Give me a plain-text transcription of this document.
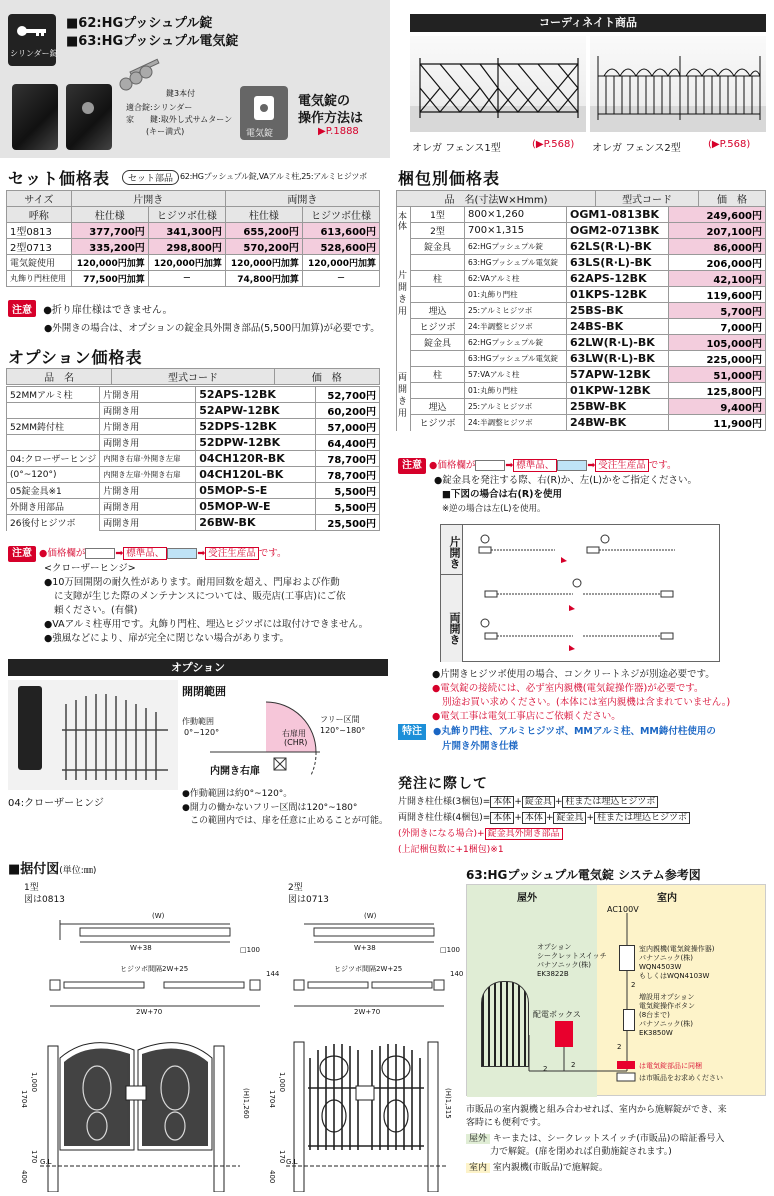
シリンダー錠
■62:HGプッシュプル錠
■63:HGプッシュプル電気錠
鍵3本付
適合錠:シリンダー
家　　鍵:取外し式サムターン
(キー満式)	電気錠
電気錠の
操作方法は
▶P.1888
コーディネイト商品
オレガ フェンス1型	(▶P.568) オレガ フェンス2型	(▶P.568)
セット価格表	セット部品 62:HGプッシュプル錠,VAアルミ柱,25:アルミヒジツボ
サイズ	片開き		両開き	
呼称	柱仕様	ヒジツボ仕様	柱仕様	ヒジツボ仕様
1型0813	377,700円	341,300円	655,200円	613,600円
2型0713	335,200円	298,800円	570,200円	528,600円
電気錠使用	120,000円加算	120,000円加算	120,000円加算	120,000円加算
丸飾り門柱使用	77,500円加算	─	74,800円加算	─
注意 ●折り扉仕様はできません。
●外開きの場合は、オプションの錠金具外開き部品(5,500円加算)が必要です。
オプション価格表
品　名	型式コード	価　格
52MMアルミ柱	片開き用	52APS-12BK	52,700円
	両開き用	52APW-12BK	60,200円
52MM鋳付柱	片開き用	52DPS-12BK	57,000円
	両開き用	52DPW-12BK	64,400円
04:クローザーヒンジ	内開き右扉·外開き左扉	04CH120R-BK	78,700円
(0°~120°)	内開き左扉·外開き右扉	04CH120L-BK	78,700円
05錠金具※1	片開き用	05MOP-S-E	5,500円
外開き用部品	両開き用	05MOP-W-E	5,500円
26後付ヒジツボ	両開き用	26BW-BK	25,500円
注意 ●価格欄が	➡ 標準品、	➡ 受注生産品 です。
<クローザーヒンジ>
●10万回開閉の耐久性があります。耐用回数を超え、門扉および作動
に支障が生じた際のメンテナンスについては、販売店(工事店)にご依
頼ください。(有償)
●VAアルミ柱専用です。丸飾り門柱、埋込ヒジツボには取付けできません。
●強風などにより、扉が完全に閉じない場合があります。
オプション
04:クローザーヒンジ
開閉範囲
作動範囲
0°~120°
フリー区間
120°~180°
右扉用
(CHR)
内開き右扉
●作動範囲は約0°~120°。
●開力の働かないフリー区間は120°~180°
この範囲内では、扉を任意に止めることが可能。
梱包別価格表
品　名(寸法W×Hmm)	型式コード	価　格
	1型	800×1,260	OGM1-0813BK	249,600円
	2型	700×1,315	OGM2-0713BK	207,100円
	錠金具	62:HGプッシュプル錠	62LS(R·L)-BK	86,000円
		63:HGプッシュプル電気錠	63LS(R·L)-BK	206,000円
	柱	62:VAアルミ柱	62APS-12BK	42,100円
		01:丸飾り門柱	01KPS-12BK	119,600円
	埋込	25:アルミヒジツボ	25BS-BK	5,700円
	ヒジツボ	24:半調整ヒジツボ	24BS-BK	7,000円
	錠金具	62:HGプッシュプル錠	62LW(R·L)-BK	105,000円
		63:HGプッシュプル電気錠	63LW(R·L)-BK	225,000円
	柱	57:VAアルミ柱	57APW-12BK	51,000円
		01:丸飾り門柱	01KPW-12BK	125,800円
	埋込	25:アルミヒジツボ	25BW-BK	9,400円
	ヒジツボ	24:半調整ヒジツボ	24BW-BK	11,900円
本体
片開き用
両開き用
注意 ●価格欄が	➡ 標準品、	➡ 受注生産品 です。
●錠金具を発注する際、右(R)か、左(L)かをご指定ください。
■下図の場合は右(R)を使用
※逆の場合は左(L)を使用。
片開き
両開き
●片開きヒジツボ使用の場合、コンクリートネジが別途必要です。
●電気錠の接続には、必ず室内親機(電気錠操作器)が必要です。
別途お買い求めください。(本体には室内親機は含まれていません。)
●電気工事は電気工事店にご依頼ください。
特注 ●丸飾り門柱、アルミヒジツボ、MMアルミ柱、MM鋳付柱使用の
片開き外開き仕様
発注に際して
片開き柱仕様(3梱包)= 本体 + 錠金具 + 柱または埋込ヒジツボ
両開き柱仕様(4梱包)= 本体 + 本体 + 錠金具 + 柱または埋込ヒジツボ
(外開きになる場合)+ 錠金具外開き部品
(上記梱包数に+1梱包)※1
63:HGプッシュプル電気錠 システム参考図
屋外	室内
AC100V
オプション
シークレットスイッチ
パナソニック(株)
EK3822B
配電ボックス
室内親機(電気錠操作器)
パナソニック(株)
WQN4503W
もしくはWQN4103W
増設用オプション
電気錠操作ボタン
(8台まで)
パナソニック(株)
EK3850W
2	2
2
2
は電気錠部品に同梱
は市販品をお求めください
市販品の室内親機と組み合わせれば、室内から施解錠ができ、来
客時にも便利です。
屋外 キーまたは、シークレットスイッチ(市販品)の暗証番号入
力で解錠。(扉を閉めれば自動施錠されます。)
室内 室内親機(市販品)で施解錠。
■据付図(単位:㎜)
1型
図は0813
2型
図は0713
(W)
W+38
ヒジツボ間隔2W+25
2W+70
□100
144
(W)
W+38
ヒジツボ間隔2W+25
2W+70
□100
140
1704
1,000
(H)1,260
170
400
G.L
1704
1,000
(H)1,315
170
400
G.L
